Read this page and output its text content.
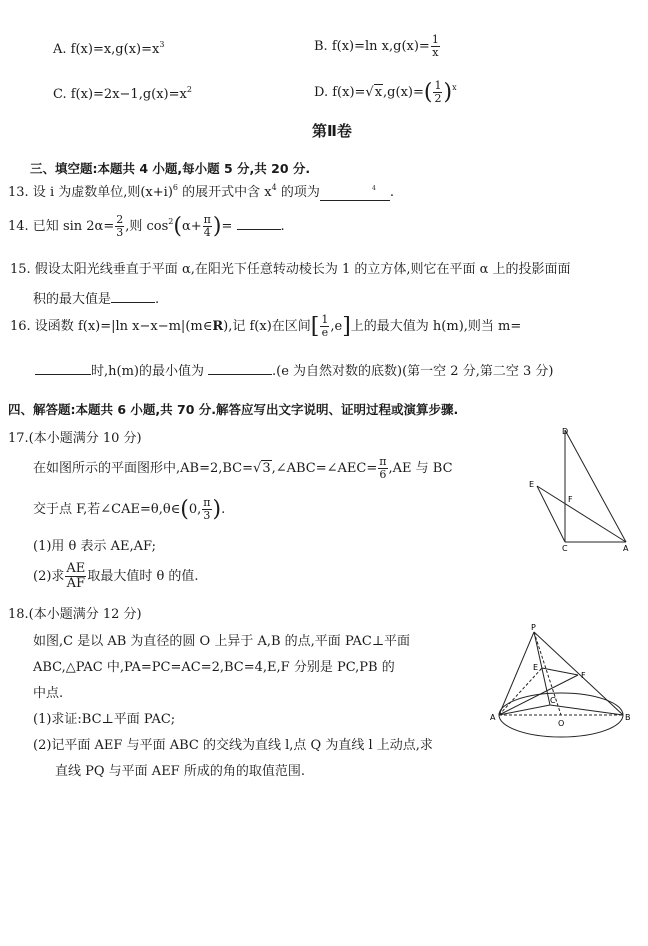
A. $f(x)=x,g(x)=x^3$	B. f(x)=ln $x,g(x)= \frac{1}{x}$
C. $f(x)=2x-1,g(x)=x^2$	D. $f(x)=√x,g(x)=( \frac{1}{2} )^x$
第Ⅱ卷
三、填空题:本题共 4 小题,每小题 5 分,共 20 分.
13. 设 i 为虚数单位,则$(x+i)^6$ 的展开式中含 $x^4$ 的项为	$^4$ .
14. 已知 $\sin 2\alpha= \frac{2}{3}$ ,则 $\cos^2(\alpha+ \frac{\pi}{4}$ )=	.
15. 假设太阳光线垂直于平面 α,在阳光下任意转动棱长为 1 的立方体,则它在平面 α 上的投影面面
积的最大值是	.
16. 设函数 f(x)=|ln x−x−m|(m∈R),记 f(x)在区间[ $\frac{1}{e} ,e$]上的最大值为 h(m),则当 m=
时,h(m)的最小值为	.(e 为自然对数的底数)(第一空 2 分,第二空 3 分)
四、解答题:本题共 6 小题,共 70 分.解答应写出文字说明、证明过程或演算步骤.
17.(本小题满分 10 分)
在如图所示的平面图形中,AB=2,BC=√3,∠ABC=∠AEC= $\frac{\pi}{6} ,AE$ 与 BC
交于点 F,若∠CAE=θ,θ∈(0, $\frac{\pi}{3}$ ).
(1)用 θ 表示 AE,AF;
(2)求 $\frac{AE}{AF}$ 取最大值时 θ 的值.
D
E
F
C	A
18.(本小题满分 12 分)
如图,C 是以 AB 为直径的圆 O 上异于 A,B 的点,平面 PAC⊥平面
ABC,△PAC 中,PA=PC=AC=2,BC=4,E,F 分别是 PC,PB 的
中点.
(1)求证:BC⊥平面 PAC;
(2)记平面 AEF 与平面 ABC 的交线为直线 l,点 Q 为直线 l 上动点,求
直线 PQ 与平面 AEF 所成的角的取值范围.
P
E
F
C
A	B
O
